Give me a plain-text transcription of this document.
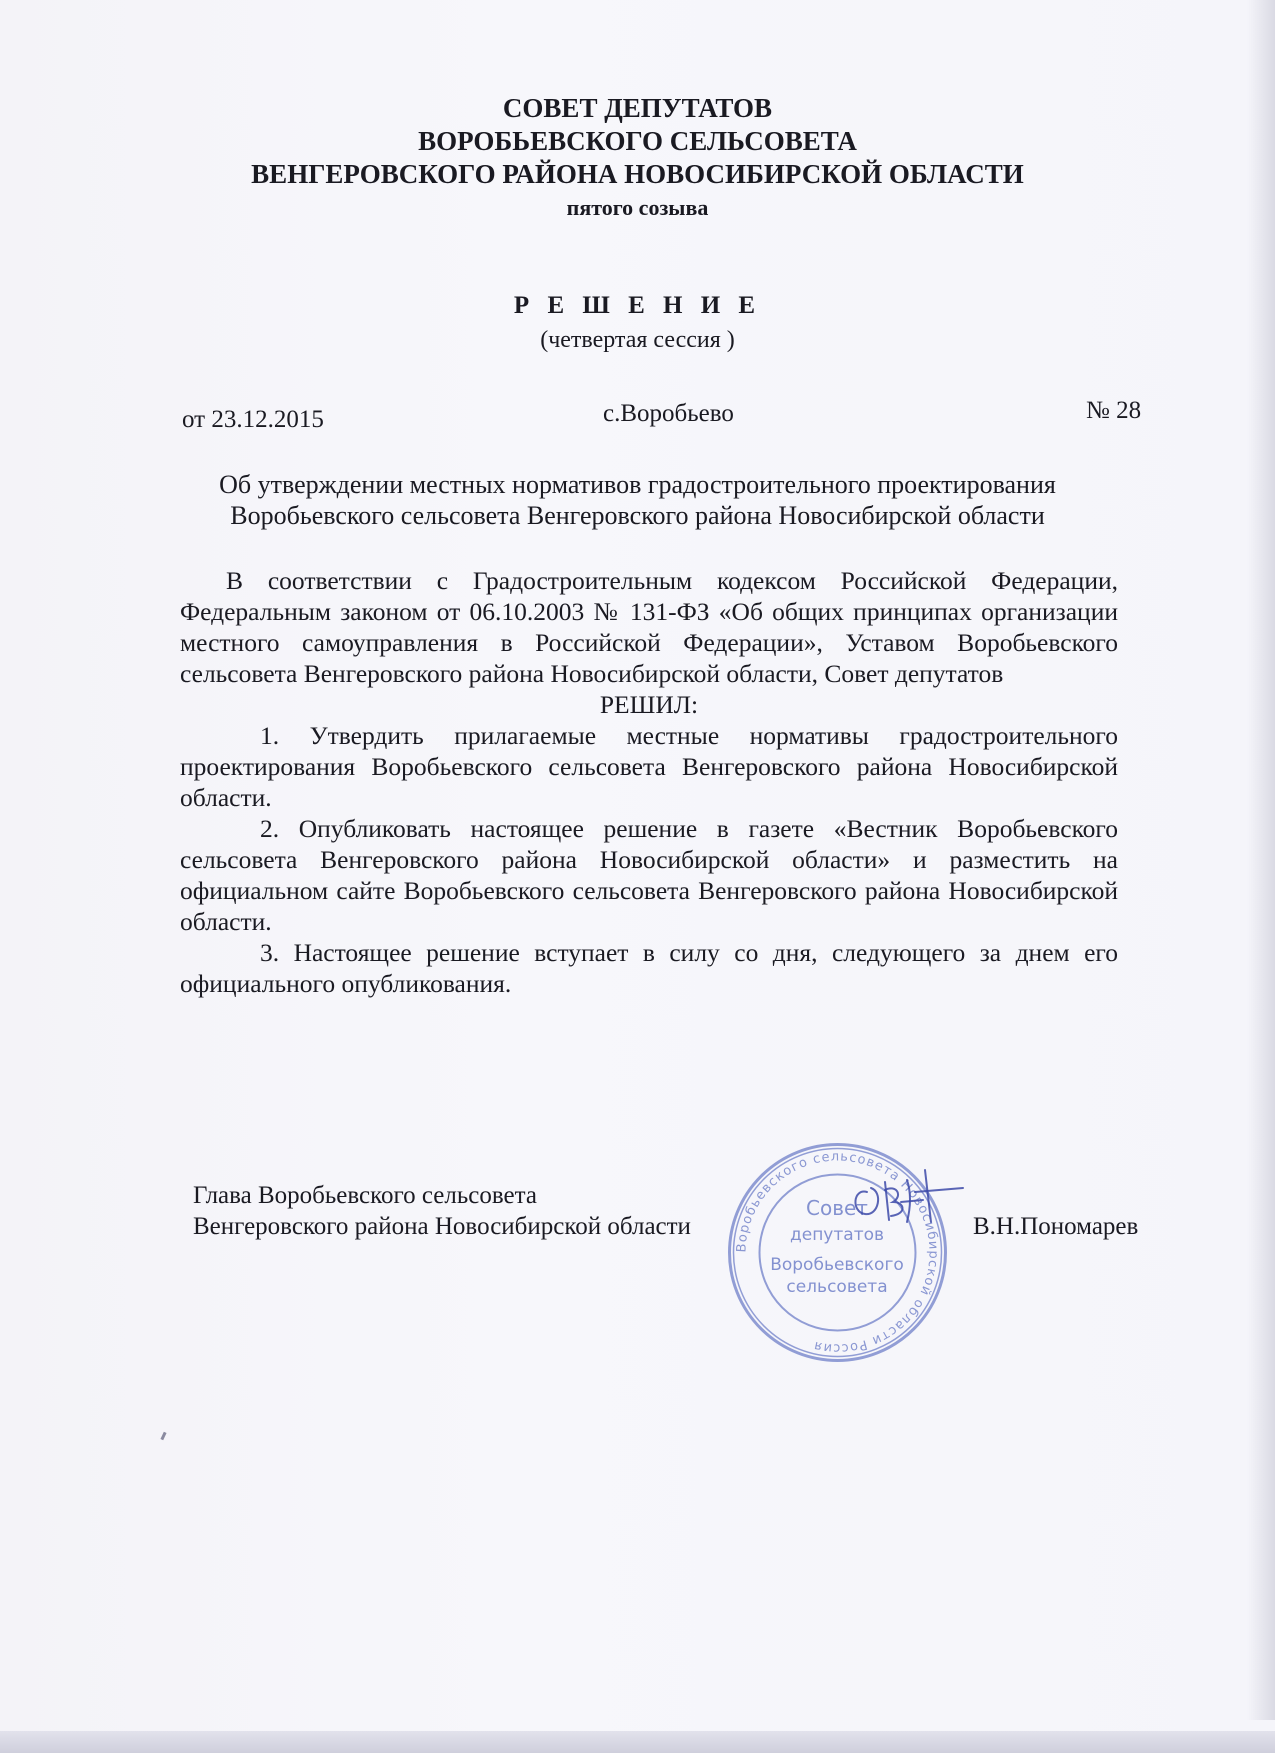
СОВЕТ ДЕПУТАТОВ
ВОРОБЬЕВСКОГО СЕЛЬСОВЕТА
ВЕНГЕРОВСКОГО РАЙОНА НОВОСИБИРСКОЙ ОБЛАСТИ
пятого созыва
Р Е Ш Е Н И Е
(четвертая сессия )
от 23.12.2015	с.Воробьево	№ 28
Об утверждении местных нормативов градостроительного проектирования
Воробьевского сельсовета Венгеровского района Новосибирской области

В соответствии с Градостроительным кодексом Российской Федерации, Федеральным законом от 06.10.2003 № 131-ФЗ «Об общих принципах организации местного самоуправления в Российской Федерации», Уставом Воробьевского сельсовета Венгеровского района Новосибирской области, Совет депутатов

РЕШИЛ:

1. Утвердить прилагаемые местные нормативы градостроительного проектирования Воробьевского сельсовета Венгеровского района Новосибирской области.

2. Опубликовать настоящее решение в газете «Вестник Воробьевского сельсовета Венгеровского района Новосибирской области» и разместить на официальном сайте Воробьевского сельсовета Венгеровского района Новосибирской области.

3. Настоящее решение вступает в силу со дня, следующего за днем его официального опубликования.

Глава Воробьевского сельсовета
Венгеровского района Новосибирской области	В.Н.Пономарев
Воробьевского сельсовета Новосибирской области Россия
Совет
депутатов
Воробьевского
сельсовета
